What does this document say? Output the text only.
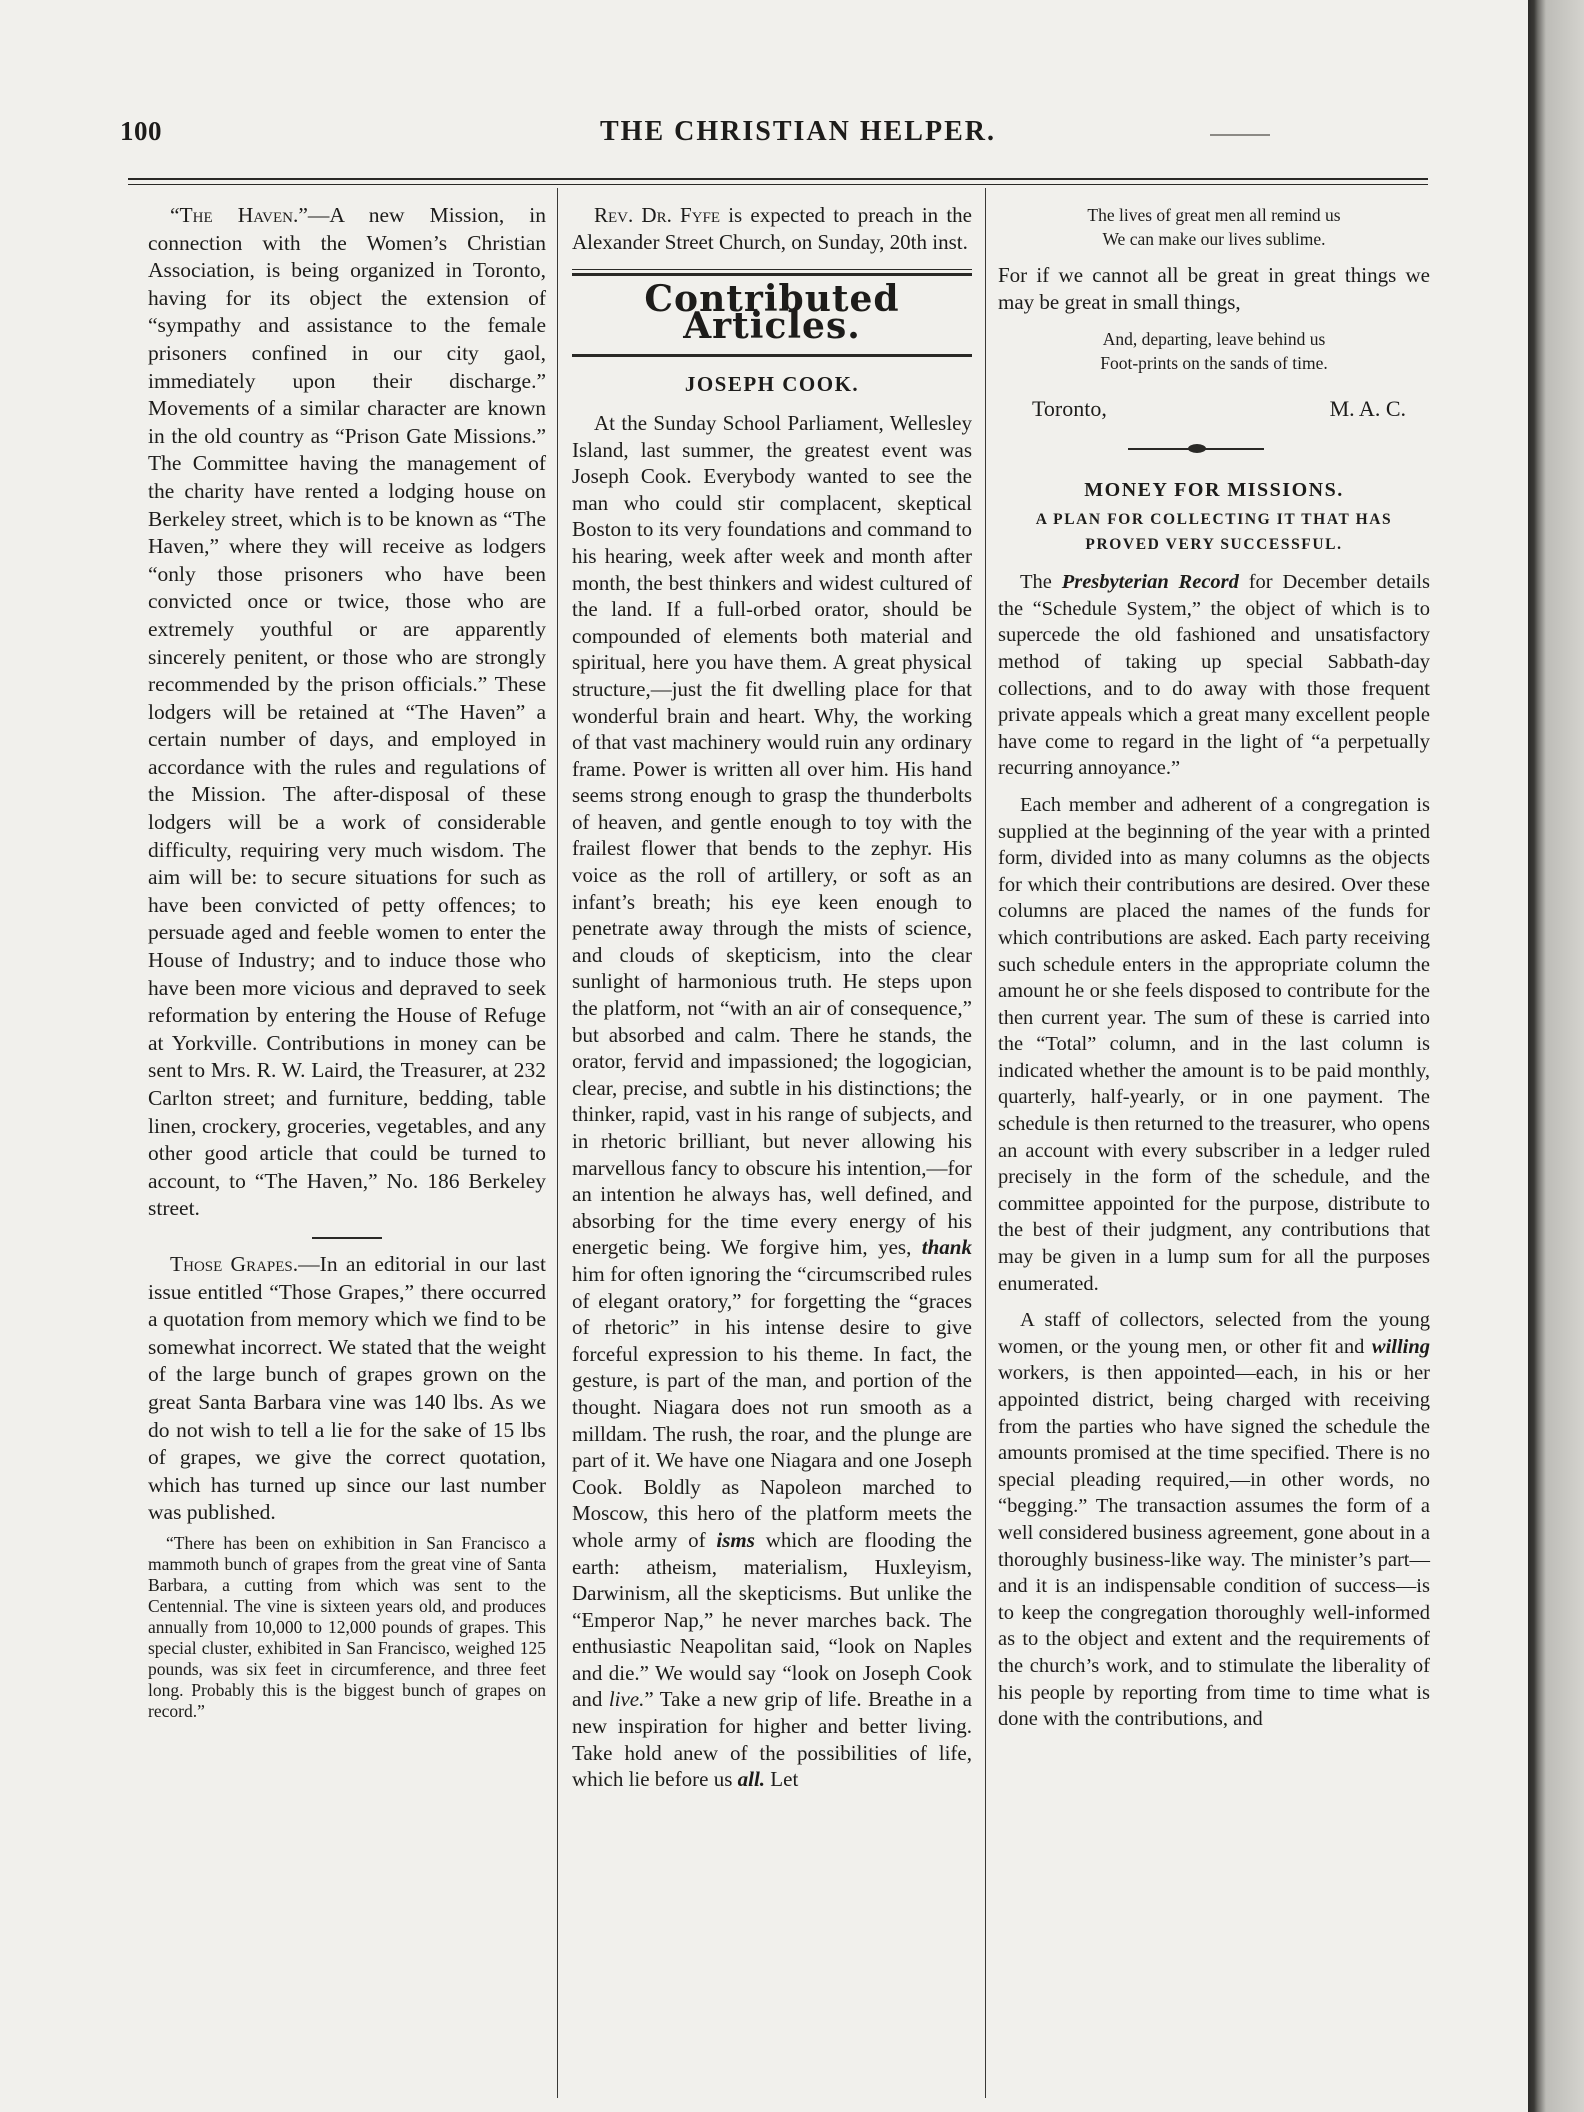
100	THE CHRISTIAN HELPER.

“The Haven.”—A new Mission, in connection with the Women’s Christian Association, is being organized in Toronto, having for its object the extension of “sympathy and assistance to the female prisoners confined in our city gaol, immediately upon their discharge.” Movements of a similar character are known in the old country as “Prison Gate Missions.” The Committee having the management of the charity have rented a lodging house on Berkeley street, which is to be known as “The Haven,” where they will receive as lodgers “only those prisoners who have been convicted once or twice, those who are extremely youthful or are apparently sincerely penitent, or those who are strongly recommended by the prison officials.” These lodgers will be retained at “The Haven” a certain number of days, and employed in accordance with the rules and regulations of the Mission. The after-disposal of these lodgers will be a work of considerable difficulty, requiring very much wisdom. The aim will be: to secure situations for such as have been convicted of petty offences; to persuade aged and feeble women to enter the House of Industry; and to induce those who have been more vicious and depraved to seek reformation by entering the House of Refuge at Yorkville. Contributions in money can be sent to Mrs. R. W. Laird, the Treasurer, at 232 Carlton street; and furniture, bedding, table linen, crockery, groceries, vegetables, and any other good article that could be turned to account, to “The Haven,” No. 186 Berkeley street.

Those Grapes.—In an editorial in our last issue entitled “Those Grapes,” there occurred a quotation from memory which we find to be somewhat incorrect. We stated that the weight of the large bunch of grapes grown on the great Santa Barbara vine was 140 lbs. As we do not wish to tell a lie for the sake of 15 lbs of grapes, we give the correct quotation, which has turned up since our last number was published.

“There has been on exhibition in San Francisco a mammoth bunch of grapes from the great vine of Santa Barbara, a cutting from which was sent to the Centennial. The vine is sixteen years old, and produces annually from 10,000 to 12,000 pounds of grapes. This special cluster, exhibited in San Francisco, weighed 125 pounds, was six feet in circumference, and three feet long. Probably this is the biggest bunch of grapes on record.”

Rev. Dr. Fyfe is expected to preach in the Alexander Street Church, on Sunday, 20th inst.

Contributed Articles.
JOSEPH COOK.

At the Sunday School Parliament, Wellesley Island, last summer, the greatest event was Joseph Cook. Everybody wanted to see the man who could stir complacent, skeptical Boston to its very foundations and command to his hearing, week after week and month after month, the best thinkers and widest cultured of the land. If a full-orbed orator, should be compounded of elements both material and spiritual, here you have them. A great physical structure,—just the fit dwelling place for that wonderful brain and heart. Why, the working of that vast machinery would ruin any ordinary frame. Power is written all over him. His hand seems strong enough to grasp the thunderbolts of heaven, and gentle enough to toy with the frailest flower that bends to the zephyr. His voice as the roll of artillery, or soft as an infant’s breath; his eye keen enough to penetrate away through the mists of science, and clouds of skepticism, into the clear sunlight of harmonious truth. He steps upon the platform, not “with an air of consequence,” but absorbed and calm. There he stands, the orator, fervid and impassioned; the logogician, clear, precise, and subtle in his distinctions; the thinker, rapid, vast in his range of subjects, and in rhetoric brilliant, but never allowing his marvellous fancy to obscure his intention,—for an intention he always has, well defined, and absorbing for the time every energy of his energetic being. We forgive him, yes, thank him for often ignoring the “circumscribed rules of elegant oratory,” for forgetting the “graces of rhetoric” in his intense desire to give forceful expression to his theme. In fact, the gesture, is part of the man, and portion of the thought. Niagara does not run smooth as a milldam. The rush, the roar, and the plunge are part of it. We have one Niagara and one Joseph Cook. Boldly as Napoleon marched to Moscow, this hero of the platform meets the whole army of isms which are flooding the earth: atheism, materialism, Huxleyism, Darwinism, all the skepticisms. But unlike the “Emperor Nap,” he never marches back. The enthusiastic Neapolitan said, “look on Naples and die.” We would say “look on Joseph Cook and live.” Take a new grip of life. Breathe in a new inspiration for higher and better living. Take hold anew of the possibilities of life, which lie before us all. Let

The lives of great men all remind us
We can make our lives sublime.

For if we cannot all be great in great things we may be great in small things,

And, departing, leave behind us
Foot-prints on the sands of time.
Toronto,	M. A. C.
MONEY FOR MISSIONS.
A PLAN FOR COLLECTING IT THAT HAS PROVED VERY SUCCESSFUL.

The Presbyterian Record for December details the “Schedule System,” the object of which is to supercede the old fashioned and unsatisfactory method of taking up special Sabbath-day collections, and to do away with those frequent private appeals which a great many excellent people have come to regard in the light of “a perpetually recurring annoyance.”

Each member and adherent of a congregation is supplied at the beginning of the year with a printed form, divided into as many columns as the objects for which their contributions are desired. Over these columns are placed the names of the funds for which contributions are asked. Each party receiving such schedule enters in the appropriate column the amount he or she feels disposed to contribute for the then current year. The sum of these is carried into the “Total” column, and in the last column is indicated whether the amount is to be paid monthly, quarterly, half-yearly, or in one payment. The schedule is then returned to the treasurer, who opens an account with every subscriber in a ledger ruled precisely in the form of the schedule, and the committee appointed for the purpose, distribute to the best of their judgment, any contributions that may be given in a lump sum for all the purposes enumerated.

A staff of collectors, selected from the young women, or the young men, or other fit and willing workers, is then appointed—each, in his or her appointed district, being charged with receiving from the parties who have signed the schedule the amounts promised at the time specified. There is no special pleading required,—in other words, no “begging.” The transaction assumes the form of a well considered business agreement, gone about in a thoroughly business-like way. The minister’s part—and it is an indispensable condition of success—is to keep the congregation thoroughly well-informed as to the object and extent and the requirements of the church’s work, and to stimulate the liberality of his people by reporting from time to time what is done with the contributions, and
